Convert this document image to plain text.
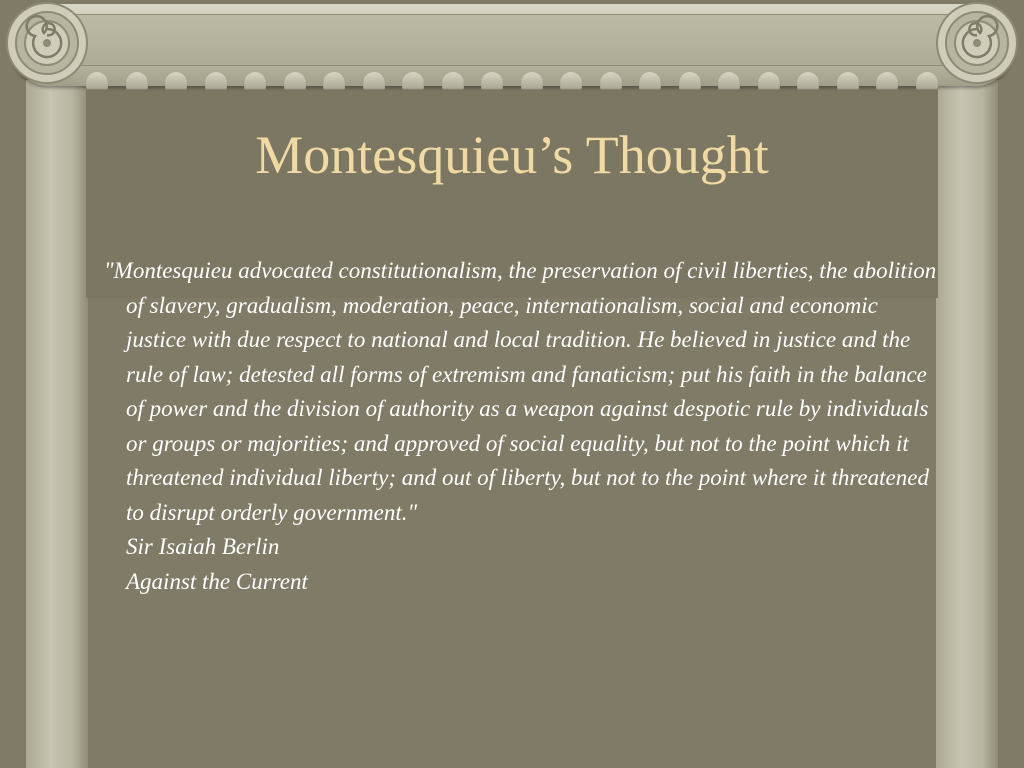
Montesquieu’s Thought

"Montesquieu advocated constitutionalism, the preservation of civil liberties, the abolition of slavery, gradualism, moderation, peace, internationalism, social and economic justice with due respect to national and local tradition. He believed in justice and the rule of law; detested all forms of extremism and fanaticism; put his faith in the balance of power and the division of authority as a weapon against despotic rule by individuals or groups or majorities; and approved of social equality, but not to the point which it threatened individual liberty; and out of liberty, but not to the point where it threatened to disrupt orderly government."

Sir Isaiah Berlin
Against the Current
